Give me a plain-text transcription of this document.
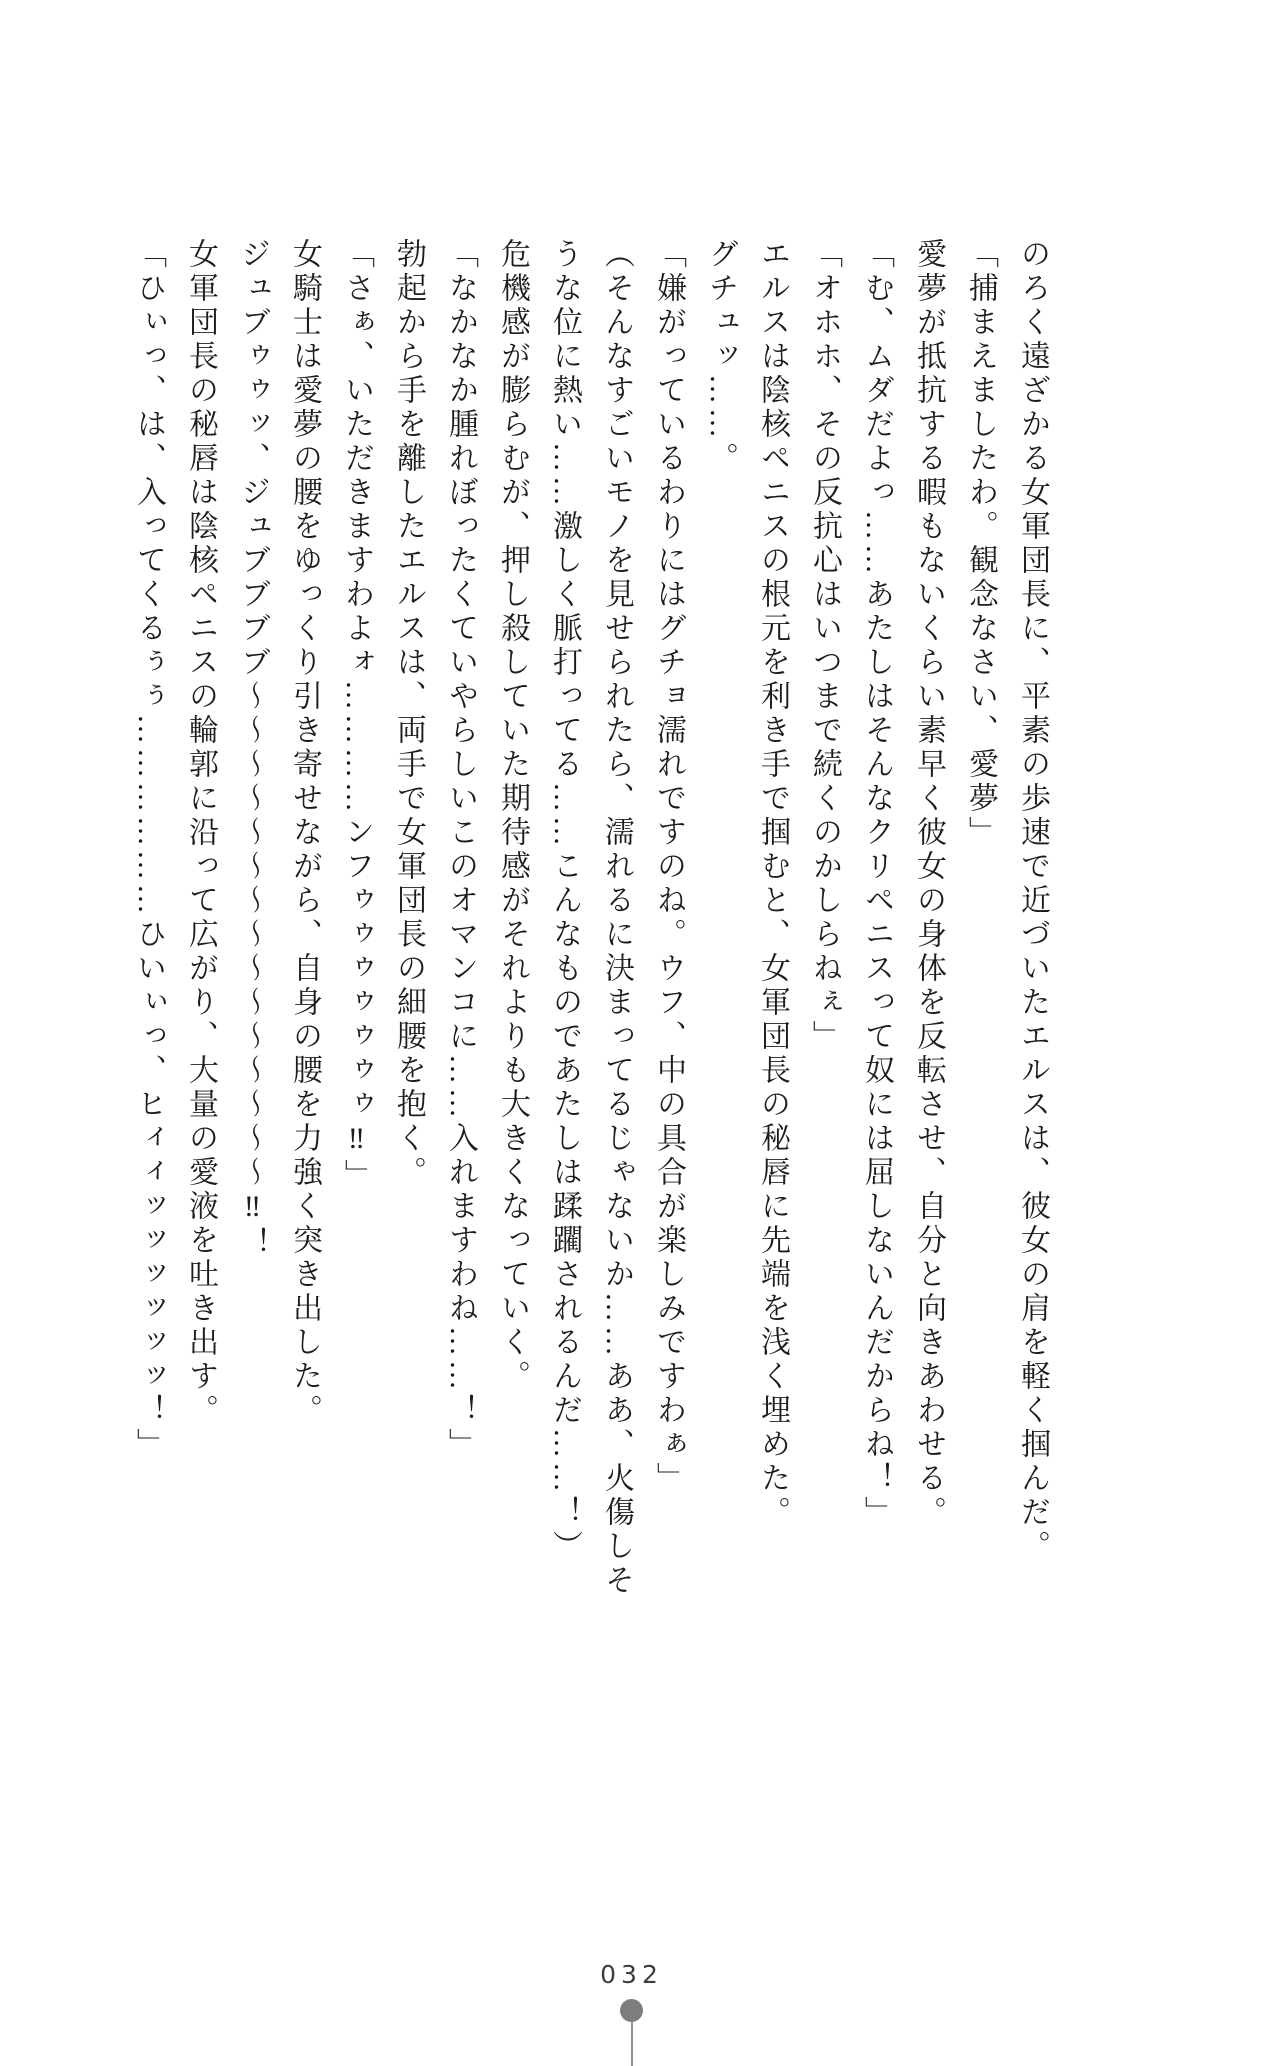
のろく遠ざかる女軍団長に、平素の歩速で近づいたエルスは、彼女の肩を軽く掴んだ。

「捕まえましたわ。観念なさい、愛夢」

愛夢が抵抗する暇もないくらい素早く彼女の身体を反転させ、自分と向きあわせる。

「む、ムダだよっ……あたしはそんなクリペニスって奴には屈しないんだからね！」

「オホホ、その反抗心はいつまで続くのかしらねぇ」

エルスは陰核ペニスの根元を利き手で掴むと、女軍団長の秘唇に先端を浅く埋めた。

グチュッ……。

「嫌がっているわりにはグチョ濡れですのね。ウフ、中の具合が楽しみですわぁ」

（そんなすごいモノを見せられたら、濡れるに決まってるじゃないか……ああ、火傷しそ

うな位に熱い……激しく脈打ってる……こんなものであたしは蹂躙されるんだ……！）

危機感が膨らむが、押し殺していた期待感がそれよりも大きくなっていく。

「なかなか腫れぼったくていやらしいこのオマンコに……入れますわね……！」

勃起から手を離したエルスは、両手で女軍団長の細腰を抱く。

「さぁ、いただきますわよォ…………ンフゥゥゥゥゥゥゥ‼」

女騎士は愛夢の腰をゆっくり引き寄せながら、自身の腰を力強く突き出した。

ジュブゥゥッ、ジュブブブブ～～～～～～～～～～～～～～～‼！

女軍団長の秘唇は陰核ペニスの輪郭に沿って広がり、大量の愛液を吐き出す。

「ひぃっ、は、入ってくるぅぅ………………ひいぃっ、ヒィィッッッッッッ！」

032
